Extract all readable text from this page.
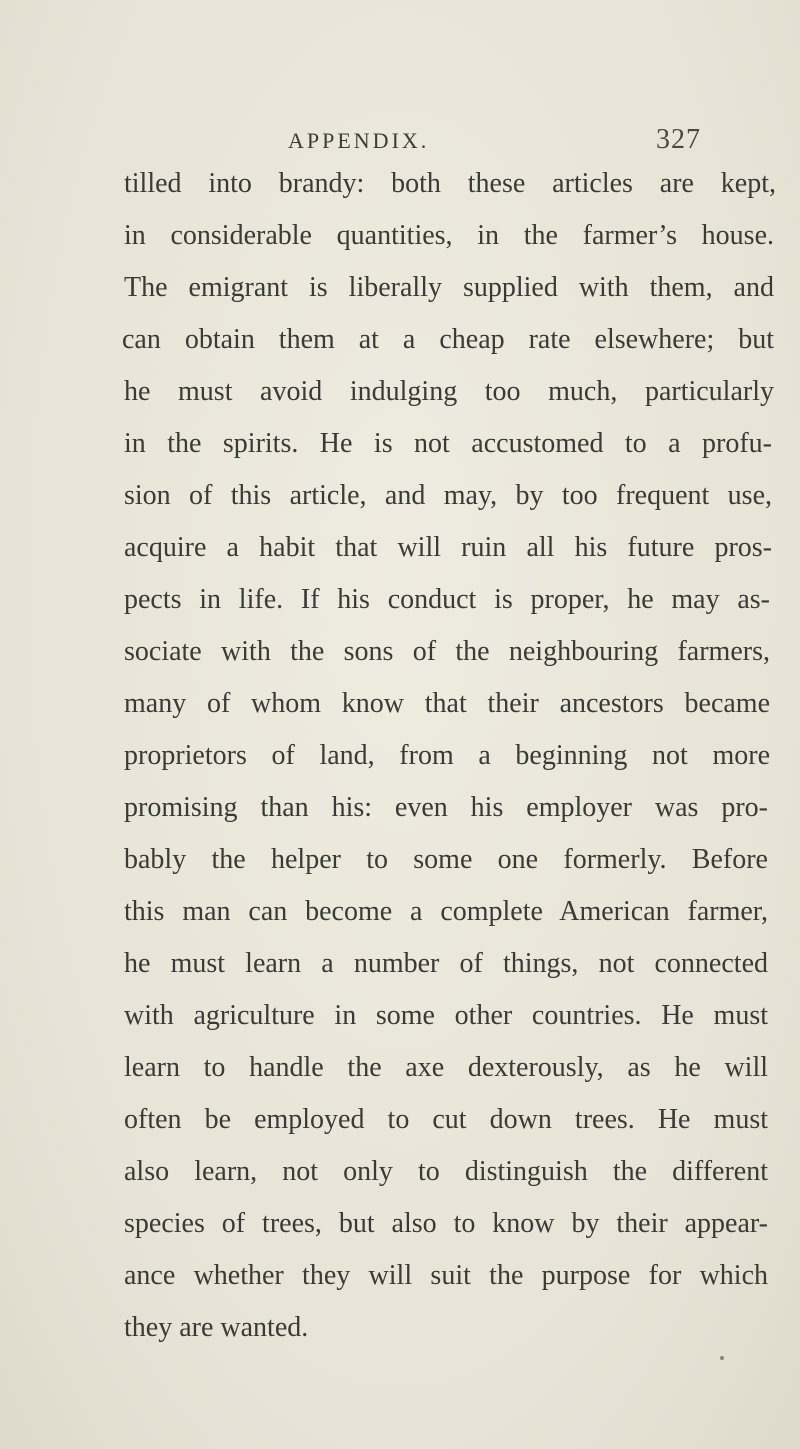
APPENDIX.	327
tilled into brandy: both these articles are kept,
in considerable quantities, in the farmer’s house.
The emigrant is liberally supplied with them, and
can obtain them at a cheap rate elsewhere; but
he must avoid indulging too much, particularly
in the spirits. He is not accustomed to a profu-
sion of this article, and may, by too frequent use,
acquire a habit that will ruin all his future pros-
pects in life. If his conduct is proper, he may as-
sociate with the sons of the neighbouring farmers,
many of whom know that their ancestors became
proprietors of land, from a beginning not more
promising than his: even his employer was pro-
bably the helper to some one formerly. Before
this man can become a complete American farmer,
he must learn a number of things, not connected
with agriculture in some other countries. He must
learn to handle the axe dexterously, as he will
often be employed to cut down trees. He must
also learn, not only to distinguish the different
species of trees, but also to know by their appear-
ance whether they will suit the purpose for which
they are wanted.
